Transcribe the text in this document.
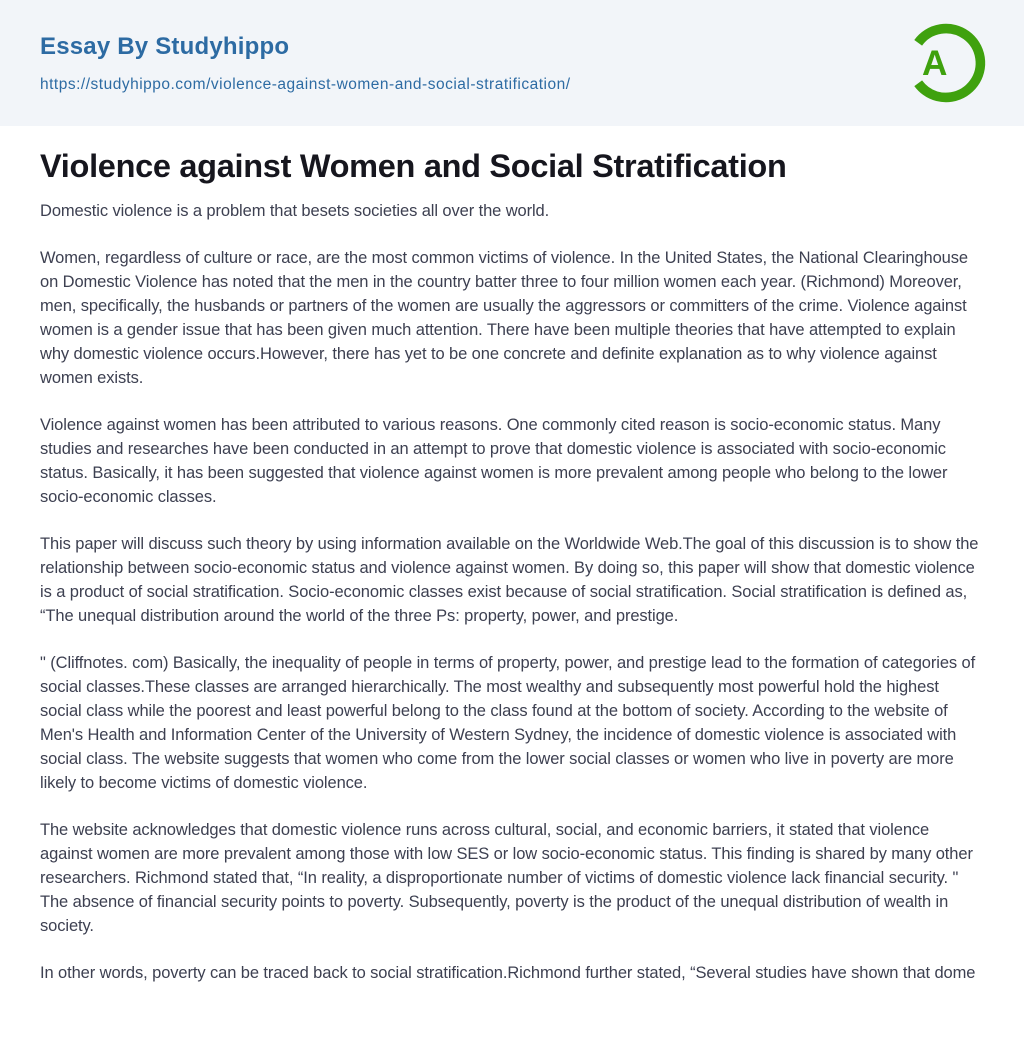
Essay By Studyhippo
https://studyhippo.com/violence-against-women-and-social-stratification/
A
Violence against Women and Social Stratification

Domestic violence is a problem that besets societies all over the world.

Women, regardless of culture or race, are the most common victims of violence. In the United States, the National Clearinghouse on Domestic Violence has noted that the men in the country batter three to four million women each year. (Richmond) Moreover, men, specifically, the husbands or partners of the women are usually the aggressors or committers of the crime. Violence against women is a gender issue that has been given much attention. There have been multiple theories that have attempted to explain why domestic violence occurs.However, there has yet to be one concrete and definite explanation as to why violence against women exists.

Violence against women has been attributed to various reasons. One commonly cited reason is socio-economic status. Many studies and researches have been conducted in an attempt to prove that domestic violence is associated with socio-economic status. Basically, it has been suggested that violence against women is more prevalent among people who belong to the lower socio-economic classes.

This paper will discuss such theory by using information available on the Worldwide Web.The goal of this discussion is to show the relationship between socio-economic status and violence against women. By doing so, this paper will show that domestic violence is a product of social stratification. Socio-economic classes exist because of social stratification. Social stratification is defined as, “The unequal distribution around the world of the three Ps: property, power, and prestige.

" (Cliffnotes. com) Basically, the inequality of people in terms of property, power, and prestige lead to the formation of categories of social classes.These classes are arranged hierarchically. The most wealthy and subsequently most powerful hold the highest social class while the poorest and least powerful belong to the class found at the bottom of society. According to the website of Men's Health and Information Center of the University of Western Sydney, the incidence of domestic violence is associated with social class. The website suggests that women who come from the lower social classes or women who live in poverty are more likely to become victims of domestic violence.

The website acknowledges that domestic violence runs across cultural, social, and economic barriers, it stated that violence against women are more prevalent among those with low SES or low socio-economic status. This finding is shared by many other researchers. Richmond stated that, “In reality, a disproportionate number of victims of domestic violence lack financial security. " The absence of financial security points to poverty. Subsequently, poverty is the product of the unequal distribution of wealth in society.

In other words, poverty can be traced back to social stratification.Richmond further stated, “Several studies have shown that dome
